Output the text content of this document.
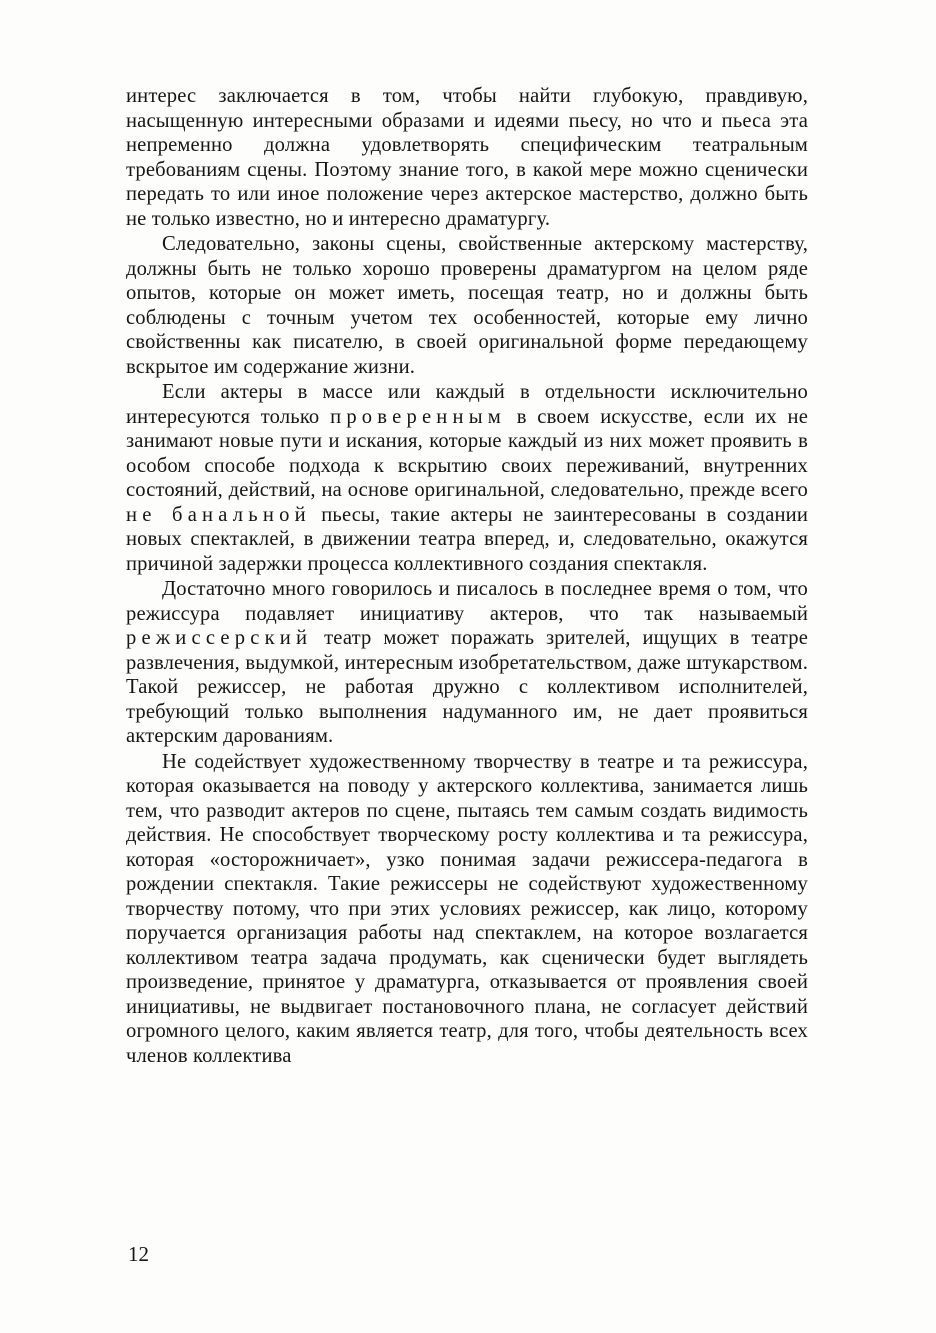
интерес заключается в том, чтобы найти глубокую, правдивую, насыщенную интересными образами и идеями пьесу, но что и пьеса эта непременно должна удовлетворять специфическим театральным требованиям сцены. Поэтому знание того, в какой мере можно сценически передать то или иное положение через актерское мастерство, должно быть не только известно, но и интересно драматургу.

Следовательно, законы сцены, свойственные актерскому мастерству, должны быть не только хорошо проверены драматургом на целом ряде опытов, которые он может иметь, посещая театр, но и должны быть соблюдены с точным учетом тех особенностей, которые ему лично свойственны как писателю, в своей оригинальной форме передающему вскрытое им содержание жизни.

Если актеры в массе или каждый в отдельности исключительно интересуются только проверенным в своем искусстве, если их не занимают новые пути и искания, которые каждый из них может проявить в особом способе подхода к вскрытию своих переживаний, внутренних состояний, действий, на основе оригинальной, следовательно, прежде всего не банальной пьесы, такие актеры не заинтересованы в создании новых спектаклей, в движении театра вперед, и, следовательно, окажутся причиной задержки процесса коллективного создания спектакля.

Достаточно много говорилось и писалось в последнее время о том, что режиссура подавляет инициативу актеров, что так называемый режиссерский театр может поражать зрителей, ищущих в театре развлечения, выдумкой, интересным изобретательством, даже штукарством. Такой режиссер, не работая дружно с коллективом исполнителей, требующий только выполнения надуманного им, не дает проявиться актерским дарованиям.

Не содействует художественному творчеству в театре и та режиссура, которая оказывается на поводу у актерского коллектива, занимается лишь тем, что разводит актеров по сцене, пытаясь тем самым создать видимость действия. Не способствует творческому росту коллектива и та режиссура, которая «осторожничает», узко понимая задачи режиссера-педагога в рождении спектакля. Такие режиссеры не содействуют художественному творчеству потому, что при этих условиях режиссер, как лицо, которому поручается организация работы над спектаклем, на которое возлагается коллективом театра задача продумать, как сценически будет выглядеть произведение, принятое у драматурга, отказывается от проявления своей инициативы, не выдвигает постановочного плана, не согласует действий огромного целого, каким является театр, для того, чтобы деятельность всех членов коллектива

12
